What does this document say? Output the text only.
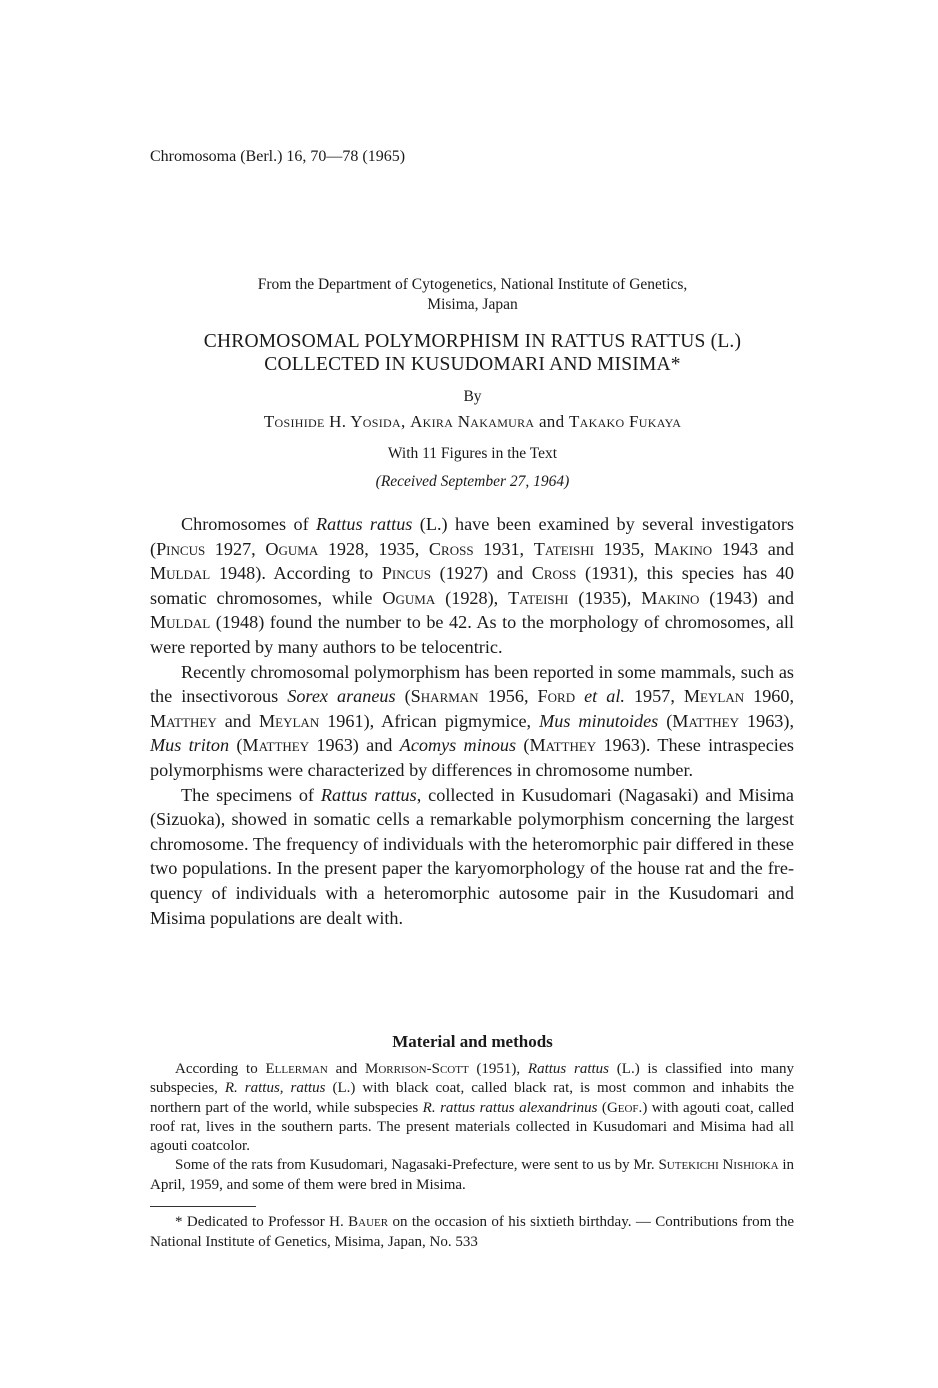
Chromosoma (Berl.) 16, 70—78 (1965)
From the Department of Cytogenetics, National Institute of Genetics,
Misima, Japan
CHROMOSOMAL POLYMORPHISM IN RATTUS RATTUS (L.)
COLLECTED IN KUSUDOMARI AND MISIMA*
By
Tosihide H. Yosida, Akira Nakamura and Takako Fukaya
With 11 Figures in the Text
(Received September 27, 1964)

Chromosomes of Rattus rattus (L.) have been examined by several investigators (Pincus 1927, Oguma 1928, 1935, Cross 1931, Tateishi 1935, Makino 1943 and Muldal 1948). According to Pincus (1927) and Cross (1931), this species has 40 somatic chromosomes, while Oguma (1928), Tateishi (1935), Makino (1943) and Muldal (1948) found the number to be 42. As to the morphology of chromosomes, all were reported by many authors to be telocentric.

Recently chromosomal polymorphism has been reported in some mammals, such as the insectivorous Sorex araneus (Sharman 1956, Ford et al. 1957, Meylan 1960, Matthey and Meylan 1961), African pigmymice, Mus minutoides (Matthey 1963), Mus triton (Matthey 1963) and Acomys minous (Matthey 1963). These intraspecies polymorphisms were characterized by differences in chromosome number.

The specimens of Rattus rattus, collected in Kusudomari (Nagasaki) and Misima (Sizuoka), showed in somatic cells a remarkable polymorphism concerning the largest chromosome. The frequency of individuals with the heteromorphic pair differed in these two populations. In the present paper the karyomorphology of the house rat and the frequency of individuals with a heteromorphic autosome pair in the Kusudomari and Misima populations are dealt with.

Material and methods

According to Ellerman and Morrison-Scott (1951), Rattus rattus (L.) is classified into many subspecies, R. rattus, rattus (L.) with black coat, called black rat, is most common and inhabits the northern part of the world, while subspecies R. rattus rattus alexandrinus (Geof.) with agouti coat, called roof rat, lives in the southern parts. The present materials collected in Kusudomari and Misima had all agouti coatcolor.

Some of the rats from Kusudomari, Nagasaki-Prefecture, were sent to us by Mr. Sutekichi Nishioka in April, 1959, and some of them were bred in Misima.

* Dedicated to Professor H. Bauer on the occasion of his sixtieth birthday. — Contributions from the National Institute of Genetics, Misima, Japan, No. 533
